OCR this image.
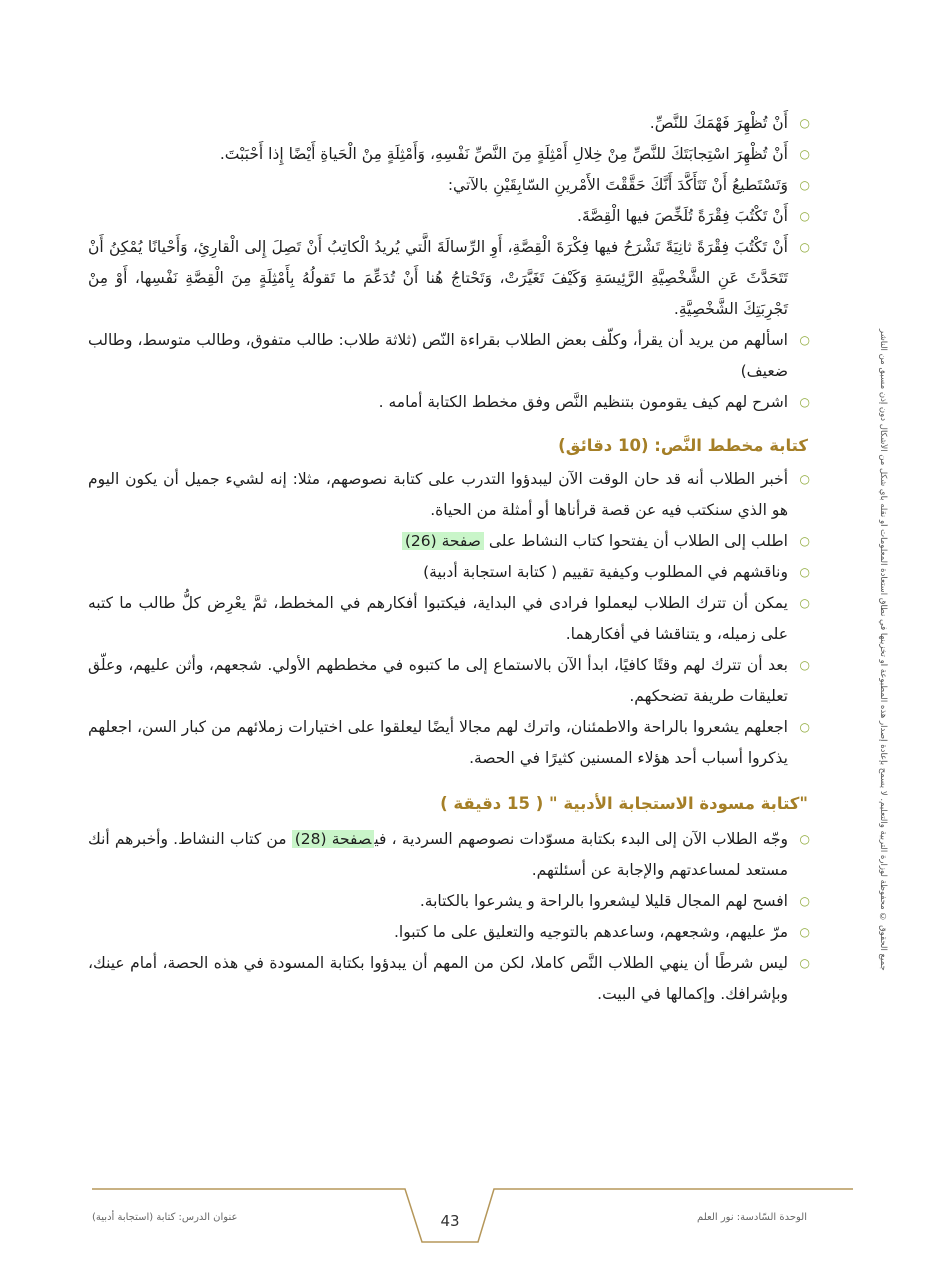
جميع الحقوق © محفوظة لوزارة التربية والتعليم. لا يسمح بإعادة إصدار هذه المطبوعة أو تخزينها في نطاق استعادة المعلومات أو نقله بأي شكل من الأشكال دون إذن مسبق من الناشر
○
أَنْ تُظْهِرَ فَهْمَكَ للنَّصِّ.
○
أَنْ تُظْهِرَ اسْتِجابَتَكَ للنَّصِّ مِنْ خِلالِ أَمْثِلَةٍ مِنَ النَّصِّ نَفْسِهِ، وَأَمْثِلَةٍ مِنْ الْحَياةِ أَيْضًا إِذا أَحْبَبْتَ.
○
وَتَسْتَطيعُ أَنْ تَتَأَكَّدَ أَنَّكَ حَقَّقْتَ الأَمْرينِ السّابِقَيْنِ بالآتي:
○
أَنْ تَكْتُبَ فِقْرَةً تُلَخِّصَ فيها الْقِصَّةَ.
○
أَنْ تَكْتُبَ فِقْرَةً ثانِيَةً تَشْرَحُ فيها فِكْرَةَ الْقِصَّةِ، أَوِ الرِّسالَةَ الَّتي يُريدُ الْكاتِبُ أَنْ تَصِلَ إِلى الْقارِئِ، وَأَحْيانًا يُمْكِنُ أَنْ تَتَحَدَّثَ عَنِ الشَّخْصِيَّةِ الرَّئِيسَةِ وَكَيْفَ تَغَيَّرَتْ، وَتَحْتاجُ هُنا أَنْ تُدَعِّمَ ما تَقولُهُ بِأَمْثِلَةٍ مِنَ الْقِصَّةِ نَفْسِها، أَوْ مِنْ تَجْرِبَتِكَ الشَّخْصِيَّةِ.
○
اسألهم من يريد أن يقرأ، وكلّف بعض الطلاب بقراءة النّص (ثلاثة طلاب: طالب متفوق، وطالب متوسط، وطالب ضعيف)
○
اشرح لهم كيف يقومون بتنظيم النَّص وفق مخطط الكتابة أمامه .
كتابة مخطط النَّص: (10 دقائق)
○
أخبر الطلاب أنه قد حان الوقت الآن ليبدؤوا التدرب على كتابة نصوصهم، مثلا: إنه لشيء جميل أن يكون اليوم هو الذي سنكتب فيه عن قصة قرأناها أو أمثلة من الحياة.
○
اطلب إلى الطلاب أن يفتحوا كتاب النشاط على صفحة (26)
○
وناقشهم في المطلوب وكيفية تقييم ( كتابة استجابة أدبية)
○
يمكن أن تترك الطلاب ليعملوا فرادى في البداية، فيكتبوا أفكارهم في المخطط، ثمَّ يعْرِض كلُّ طالب ما كتبه على زميله، و يتناقشا في أفكارهما.
○
بعد أن تترك لهم وقتًا كافيًا، ابدأ الآن بالاستماع إلى ما كتبوه في مخططهم الأولي. شجعهم، وأثن عليهم، وعلّق تعليقات طريفة تضحكهم.
○
اجعلهم يشعروا بالراحة والاطمئنان، واترك لهم مجالا أيضًا ليعلقوا على اختيارات زملائهم من كبار السن، اجعلهم يذكروا أسباب أحد هؤلاء المسنين كثيرًا في الحصة.
"كتابة مسودة الاستجابة الأدبية " ( 15 دقيقة )
○
وجّه الطلاب الآن إلى البدء بكتابة مسوّدات نصوصهم السردية ، فيصفحة (28) من كتاب النشاط. وأخبرهم أنك مستعد لمساعدتهم والإجابة عن أسئلتهم.
○
افسح لهم المجال قليلا ليشعروا بالراحة و يشرعوا بالكتابة.
○
مرّ عليهم، وشجعهم، وساعدهم بالتوجيه والتعليق على ما كتبوا.
○
ليس شرطًا أن ينهي الطلاب النَّص كاملا، لكن من المهم أن يبدؤوا بكتابة المسودة في هذه الحصة، أمام عينك، وبإشرافك. وإكمالها في البيت.
عنوان الدرس: كتابة (استجابة أدبية)	43	الوحدة السّادسة: نور العلم
